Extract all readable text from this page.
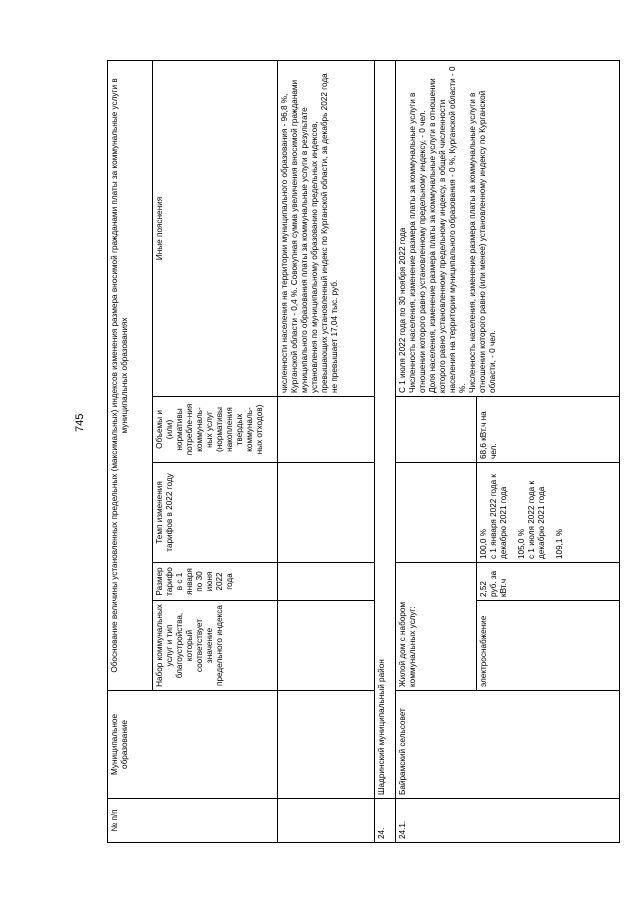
745
№ п/п	Муниципальное образование	Обоснование величины установленных предельных (максимальных) индексов изменения размера вносимой гражданами платы за коммунальные услуги в муниципальных образованиях				
		Набор коммунальных услуг и тип благоустройства, который соответствует значение предельного индекса	Размер тарифов с 1 января по 30 июня 2022 года	Темп изменения тарифов в 2022 году	Объемы и (или) нормативы потребле-ния коммуналь-ных услуг (нормативы накопления твердых коммуналь-ных отходов)	Иные пояснения
						численности населения на территории муниципального образования - 96,8 %, Курганской области - 0,4 %. Совокупная сумма увеличения вносимой гражданами муниципального образования платы за коммунальные услуги в результате установления по муниципальному образованию предельных индексов, превышающих установленный индекс по Курганской области, за декабрь 2022 года не превышает 17,04 тыс. руб.
24.	Шадринский муниципальный район					
24.1.	Байрамский сельсовет	Жилой дом с набором коммунальных услуг:				С 1 июля 2022 года по 30 ноября 2022 года Численность населения, изменение размера платы за коммунальные услуги в отношении которого равно установленному предельному индексу, - 0 чел. Доля населения, изменение размера платы за коммунальные услуги в отношении которого равно установленному предельному индексу, в общей численности населения на территории муниципального образования - 0 %, Курганской области - 0 %. Численность населения, изменение размера платы за коммунальные услуги в отношении которого равно (или менее) установленному индексу по Курганской области, - 0 чел.

		электроснабжение	2,52 руб. за кВт.ч	100,0 % с 1 января 2022 года к декабрю 2021 года 105,0 % с 1 июля 2022 года к декабрю 2021 года 109,1 %	68,6 кВт.ч на чел.	
